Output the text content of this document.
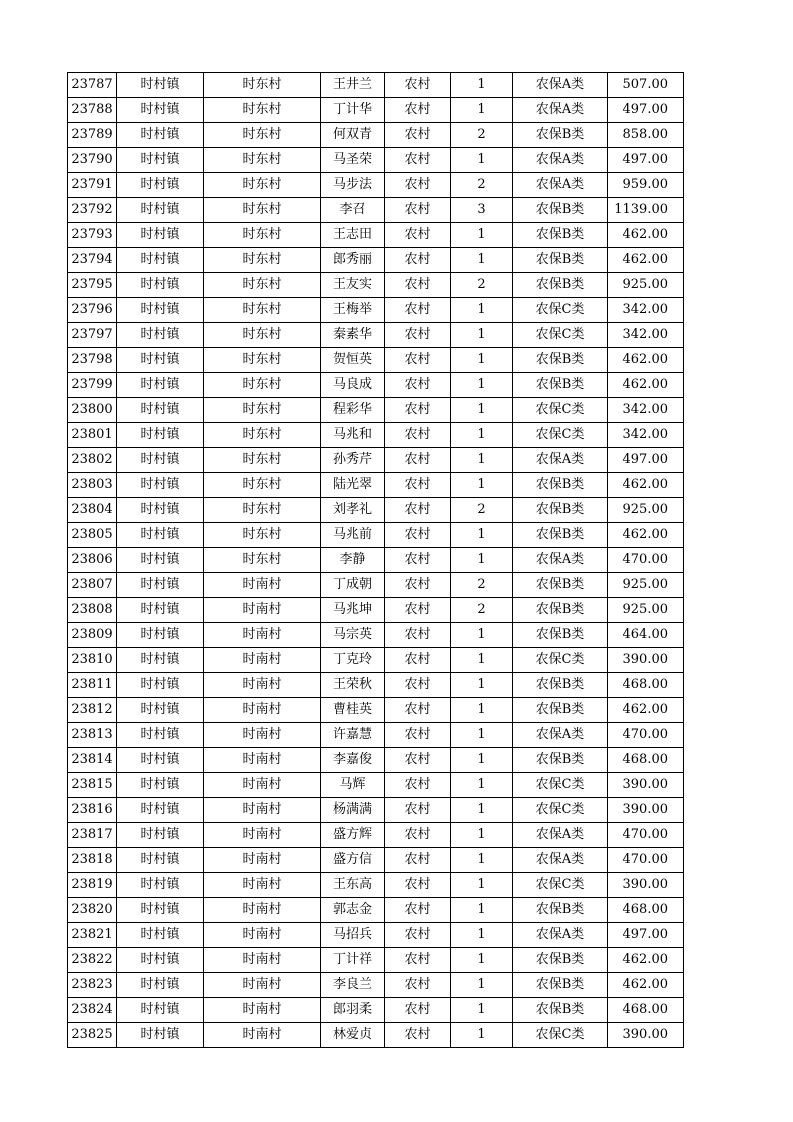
23787	时村镇	时东村	王井兰	农村	1	农保A类	507.00
23788	时村镇	时东村	丁计华	农村	1	农保A类	497.00
23789	时村镇	时东村	何双青	农村	2	农保B类	858.00
23790	时村镇	时东村	马圣荣	农村	1	农保A类	497.00
23791	时村镇	时东村	马步法	农村	2	农保A类	959.00
23792	时村镇	时东村	李召	农村	3	农保B类	1139.00
23793	时村镇	时东村	王志田	农村	1	农保B类	462.00
23794	时村镇	时东村	郎秀丽	农村	1	农保B类	462.00
23795	时村镇	时东村	王友实	农村	2	农保B类	925.00
23796	时村镇	时东村	王梅举	农村	1	农保C类	342.00
23797	时村镇	时东村	秦素华	农村	1	农保C类	342.00
23798	时村镇	时东村	贺恒英	农村	1	农保B类	462.00
23799	时村镇	时东村	马良成	农村	1	农保B类	462.00
23800	时村镇	时东村	程彩华	农村	1	农保C类	342.00
23801	时村镇	时东村	马兆和	农村	1	农保C类	342.00
23802	时村镇	时东村	孙秀芹	农村	1	农保A类	497.00
23803	时村镇	时东村	陆光翠	农村	1	农保B类	462.00
23804	时村镇	时东村	刘孝礼	农村	2	农保B类	925.00
23805	时村镇	时东村	马兆前	农村	1	农保B类	462.00
23806	时村镇	时东村	李静	农村	1	农保A类	470.00
23807	时村镇	时南村	丁成朝	农村	2	农保B类	925.00
23808	时村镇	时南村	马兆坤	农村	2	农保B类	925.00
23809	时村镇	时南村	马宗英	农村	1	农保B类	464.00
23810	时村镇	时南村	丁克玲	农村	1	农保C类	390.00
23811	时村镇	时南村	王荣秋	农村	1	农保B类	468.00
23812	时村镇	时南村	曹桂英	农村	1	农保B类	462.00
23813	时村镇	时南村	许嘉慧	农村	1	农保A类	470.00
23814	时村镇	时南村	李嘉俊	农村	1	农保B类	468.00
23815	时村镇	时南村	马辉	农村	1	农保C类	390.00
23816	时村镇	时南村	杨满满	农村	1	农保C类	390.00
23817	时村镇	时南村	盛方辉	农村	1	农保A类	470.00
23818	时村镇	时南村	盛方信	农村	1	农保A类	470.00
23819	时村镇	时南村	王东高	农村	1	农保C类	390.00
23820	时村镇	时南村	郭志金	农村	1	农保B类	468.00
23821	时村镇	时南村	马招兵	农村	1	农保A类	497.00
23822	时村镇	时南村	丁计祥	农村	1	农保B类	462.00
23823	时村镇	时南村	李良兰	农村	1	农保B类	462.00
23824	时村镇	时南村	郎羽柔	农村	1	农保B类	468.00
23825	时村镇	时南村	林爱贞	农村	1	农保C类	390.00
